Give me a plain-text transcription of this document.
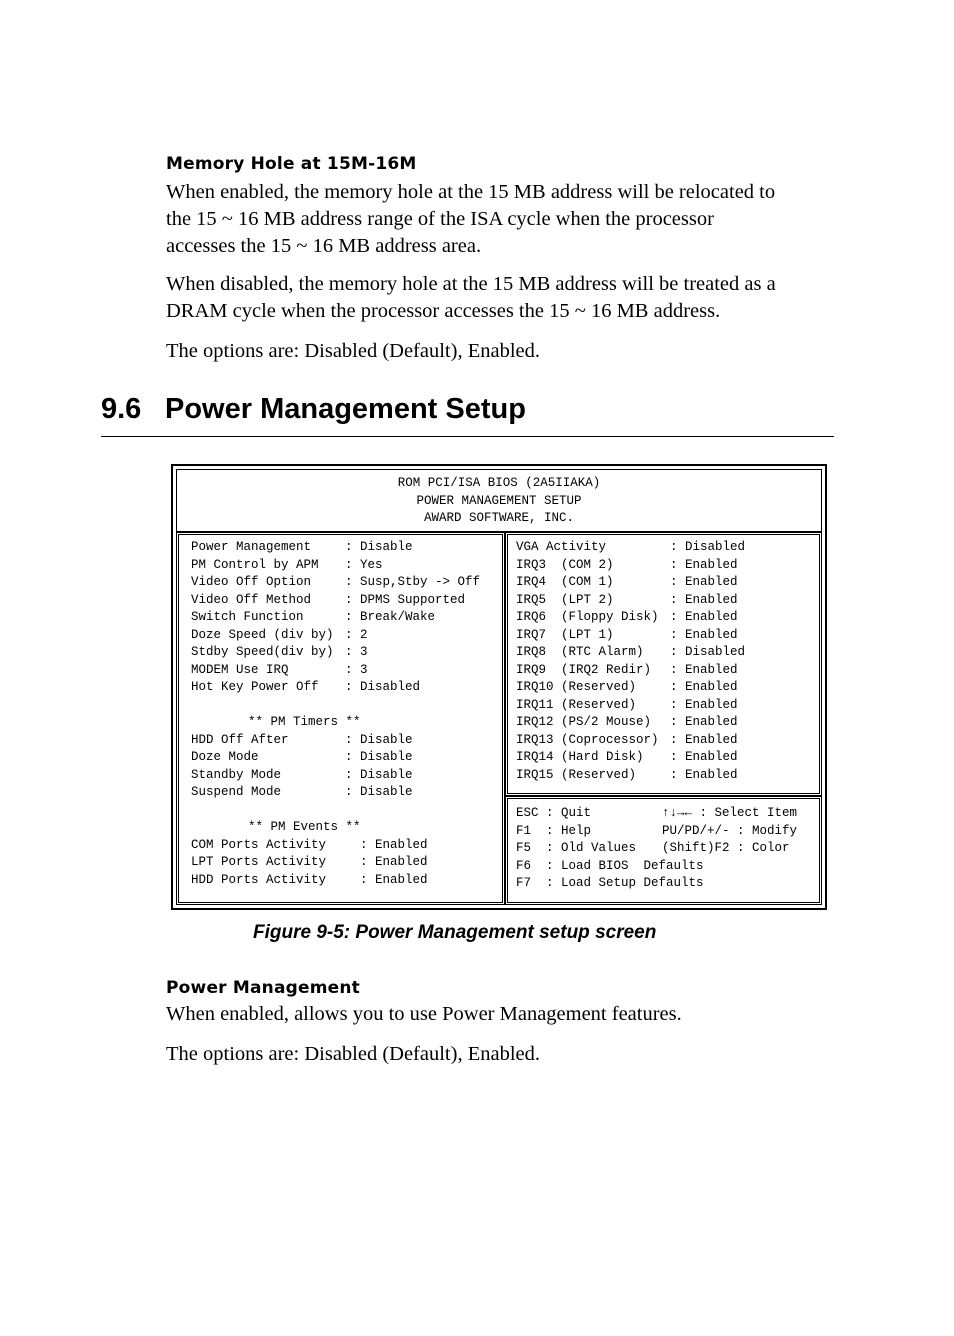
Memory Hole at 15M-16M
When enabled, the memory hole at the 15 MB address will be relocated to
the 15 ~ 16 MB address range of the ISA cycle when the processor
accesses the 15 ~ 16 MB address area.
When disabled, the memory hole at the 15 MB address will be treated as a
DRAM cycle when the processor accesses the 15 ~ 16 MB address.
The options are: Disabled (Default), Enabled.
9.6 Power Management Setup
ROM PCI/ISA BIOS (2A5IIAKA)
POWER MANAGEMENT SETUP
AWARD SOFTWARE, INC.
Power Management	: Disable
PM Control by APM : Yes
Video Off Option	: Susp,Stby -> Off
Video Off Method	: DPMS Supported
Switch Function	: Break/Wake
Doze Speed (div by) : 2
Stdby Speed(div by) : 3
MODEM Use IRQ	: 3
Hot Key Power Off : Disabled
** PM Timers **
HDD Off After	: Disable
Doze Mode	: Disable
Standby Mode	: Disable
Suspend Mode	: Disable
** PM Events **
COM Ports Activity	: Enabled
LPT Ports Activity	: Enabled
HDD Ports Activity	: Enabled
VGA Activity	: Disabled
IRQ3  (COM 2)	: Enabled
IRQ4  (COM 1)	: Enabled
IRQ5  (LPT 2)	: Enabled
IRQ6  (Floppy Disk) : Enabled
IRQ7  (LPT 1)	: Enabled
IRQ8  (RTC Alarm) : Disabled
IRQ9  (IRQ2 Redir) : Enabled
IRQ10 (Reserved)	: Enabled
IRQ11 (Reserved)	: Enabled
IRQ12 (PS/2 Mouse) : Enabled
IRQ13 (Coprocessor) : Enabled
IRQ14 (Hard Disk) : Enabled
IRQ15 (Reserved)	: Enabled
ESC : Quit	↑↓→← : Select Item
F1  : Help	PU/PD/+/- : Modify
F5  : Old Values (Shift)F2 : Color
F6  : Load BIOS  Defaults
F7  : Load Setup Defaults
Figure 9-5: Power Management setup screen
Power Management
When enabled, allows you to use Power Management features.
The options are: Disabled (Default), Enabled.
